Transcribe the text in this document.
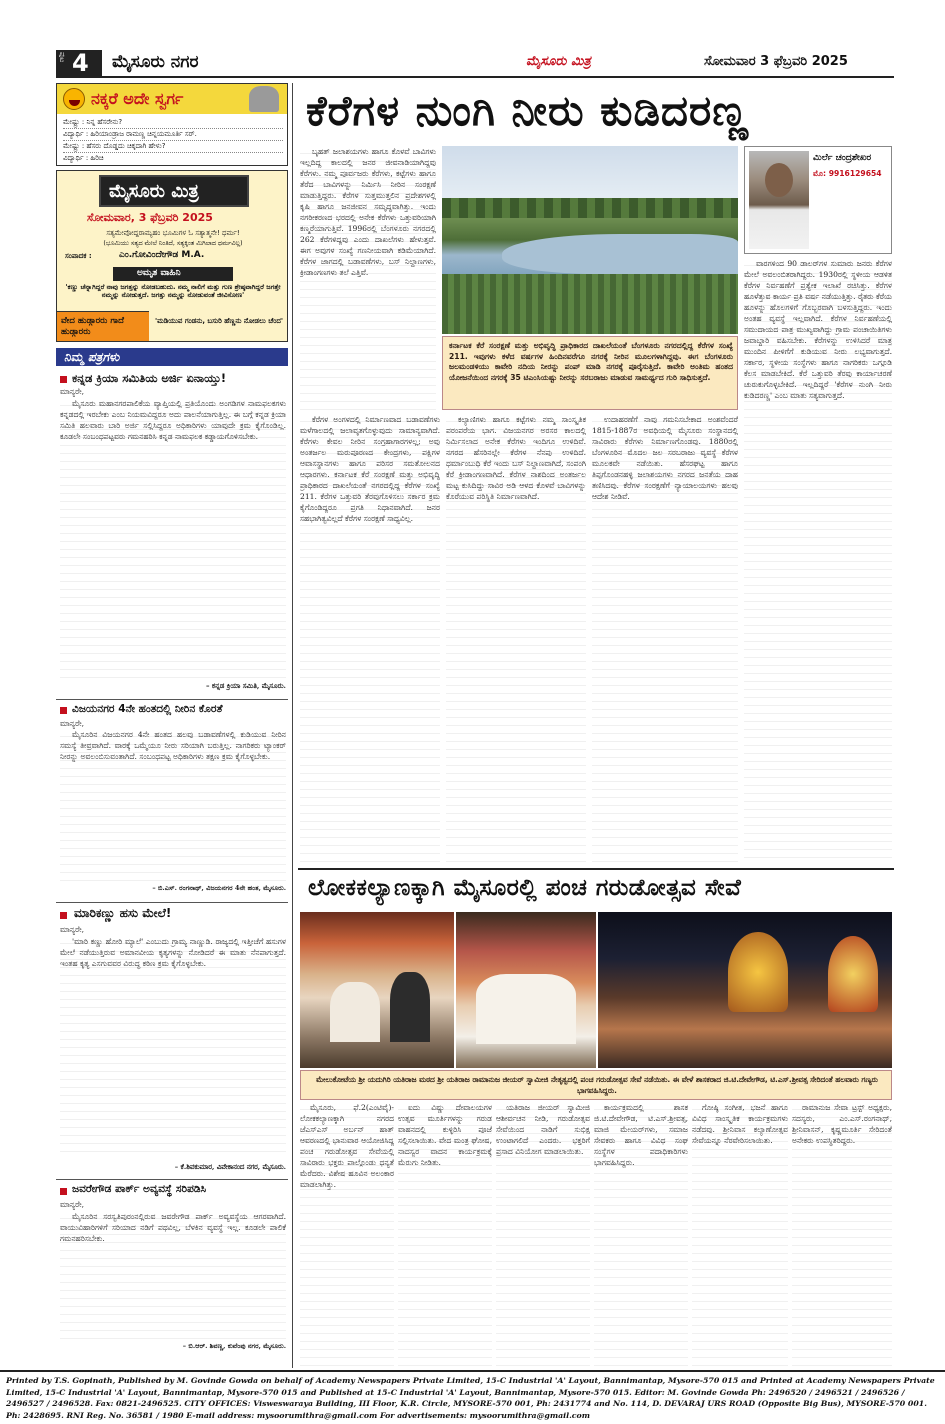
ಪುಟ 4 ಮೈಸೂರು ನಗರ	ಮೈಸೂರು ಮಿತ್ರ	ಸೋಮವಾರ 3 ಫೆಬ್ರವರಿ 2025
ನಕ್ಕರೆ ಅದೇ ಸ್ವರ್ಗ
ಮೇಷ್ಟ್ರು : ನಿನ್ನ ಹೆಸರೇನು?
ವಿದ್ಯಾರ್ಥಿ : ಹಿರಿಯಾಂಡ್ರಾಜ ರಾಮಣ್ಣ ಚಿನ್ನಯಮೂರ್ತಿ ಸರ್.
ಮೇಷ್ಟ್ರು : ಹೆಸರು ದೊಡ್ಡದು ಚಿಕ್ಕದಾಗಿ ಹೇಳು?
ವಿದ್ಯಾರ್ಥಿ : ಹಿರಿಚಿ
ಮೈಸೂರು ಮಿತ್ರ
ಸೋಮವಾರ, 3 ಫೆಬ್ರವರಿ 2025
ಸತ್ಯಮೇವೋದ್ದರಾಮ್ಯಹಂ ಭೂಮಿಗಳ ಓ ಸತ್ಯಾತ್ಮನೇ! ಧರ್ಮ!
(ಭೂಮಿಯು ಸತ್ಯದ ಮೇಲೆ ನಿಂತಿದೆ, ಸತ್ಯಕ್ಕಿಂತ ಮಿಗಿಲಾದ ಧರ್ಮವಿಲ್ಲ)
ಸಂಪಾದಕ :	ಎಂ.ಗೋವಿಂದೇಗೌಡ M.A.
ಅಮೃತ ವಾಹಿನಿ
'ಕಣ್ಣು ಚೆನ್ನಾಗಿದ್ದರೆ ನಾವು ಜಗತ್ತನ್ನು ನೋಡಬಹುದು. ನಮ್ಮ ನಾಲಿಗೆ ಮತ್ತು ಗುಣ ಶ್ರೇಷ್ಠವಾಗಿದ್ದರೆ ಜಗತ್ತೇ ನಮ್ಮನ್ನು ನೋಡುತ್ತದೆ. ಜಗತ್ತು ನಮ್ಮನ್ನು ನೋಡುವಂತೆ ಜೀವಿಸೋಣ'
ವೇದ ಹುಡ್ಗಾರರು ಗಾದೆ ಹುಡ್ಗಾರರು
'ಮಡಿಯುವ ಗಂಡನು, ಬಸುರಿ ಹೆಣ್ಣನು ನೋಡಲು ಚೆಂದ'
ನಿಮ್ಮ ಪತ್ರಗಳು
ಕನ್ನಡ ಕ್ರಿಯಾ ಸಮಿತಿಯ ಅರ್ಜಿ ಏನಾಯ್ತು!
ಮಾನ್ಯರೇ,
ಮೈಸೂರು ಮಹಾನಗರಪಾಲಿಕೆಯ ವ್ಯಾಪ್ತಿಯಲ್ಲಿ ಪ್ರತಿಯೊಂದು ಅಂಗಡಿಗಳ ನಾಮಫಲಕಗಳು ಕನ್ನಡದಲ್ಲಿ ಇರಬೇಕು ಎಂಬ ನಿಯಮವಿದ್ದರೂ ಅದು ಪಾಲನೆಯಾಗುತ್ತಿಲ್ಲ. ಈ ಬಗ್ಗೆ ಕನ್ನಡ ಕ್ರಿಯಾ ಸಮಿತಿ ಹಲವಾರು ಬಾರಿ ಅರ್ಜಿ ಸಲ್ಲಿಸಿದ್ದರೂ ಅಧಿಕಾರಿಗಳು ಯಾವುದೇ ಕ್ರಮ ಕೈಗೊಂಡಿಲ್ಲ. ಕೂಡಲೇ ಸಂಬಂಧಪಟ್ಟವರು ಗಮನಹರಿಸಿ ಕನ್ನಡ ನಾಮಫಲಕ ಕಡ್ಡಾಯಗೊಳಿಸಬೇಕು.
– ಕನ್ನಡ ಕ್ರಿಯಾ ಸಮಿತಿ, ಮೈಸೂರು.
ವಿಜಯನಗರ 4ನೇ ಹಂತದಲ್ಲಿ ನೀರಿನ ಕೊರತೆ
ಮಾನ್ಯರೇ,
ಮೈಸೂರಿನ ವಿಜಯನಗರ 4ನೇ ಹಂತದ ಹಲವು ಬಡಾವಣೆಗಳಲ್ಲಿ ಕುಡಿಯುವ ನೀರಿನ ಸಮಸ್ಯೆ ತೀವ್ರವಾಗಿದೆ. ವಾರಕ್ಕೆ ಒಮ್ಮೆಯೂ ನೀರು ಸರಿಯಾಗಿ ಬರುತ್ತಿಲ್ಲ. ನಾಗರಿಕರು ಟ್ಯಾಂಕರ್ ನೀರನ್ನು ಅವಲಂಬಿಸುವಂತಾಗಿದೆ. ಸಂಬಂಧಪಟ್ಟ ಅಧಿಕಾರಿಗಳು ತಕ್ಷಣ ಕ್ರಮ ಕೈಗೊಳ್ಳಬೇಕು.
– ಬಿ.ಎಸ್. ರಂಗನಾಥ್, ವಿಜಯನಗರ 4ನೇ ಹಂತ, ಮೈಸೂರು.
ಮಾರಿಕಣ್ಣು ಹಸು ಮೇಲೆ!
ಮಾನ್ಯರೇ,
'ಮಾರಿ ಕಣ್ಣು ಹೋರಿ ಮ್ಯಾಲೆ' ಎಂಬುದು ಗ್ರಾಮ್ಯ ನಾಣ್ಣುಡಿ. ರಾಜ್ಯದಲ್ಲಿ ಇತ್ತೀಚೆಗೆ ಹಸುಗಳ ಮೇಲೆ ನಡೆಯುತ್ತಿರುವ ಅಮಾನವೀಯ ಕೃತ್ಯಗಳನ್ನು ನೋಡಿದರೆ ಈ ಮಾತು ನೆನಪಾಗುತ್ತದೆ. ಇಂತಹ ಕೃತ್ಯ ಎಸಗುವವರ ವಿರುದ್ಧ ಕಠಿಣ ಕ್ರಮ ಕೈಗೊಳ್ಳಬೇಕು.
– ಕೆ.ಶಿವಕುಮಾರ, ವಿವೇಕಾನಂದ ನಗರ, ಮೈಸೂರು.
ಜವರೇಗೌಡ ಪಾರ್ಕ್ ಅವ್ಯವಸ್ಥೆ ಸರಿಪಡಿಸಿ
ಮಾನ್ಯರೇ,
ಮೈಸೂರಿನ ಸರಸ್ವತಿಪುರಂನಲ್ಲಿರುವ ಜವರೇಗೌಡ ಪಾರ್ಕ್ ಅವ್ಯವಸ್ಥೆಯ ಆಗರವಾಗಿದೆ. ವಾಯುವಿಹಾರಿಗಳಿಗೆ ಸರಿಯಾದ ನಡಿಗೆ ಪಥವಿಲ್ಲ, ಬೆಳಕಿನ ವ್ಯವಸ್ಥೆ ಇಲ್ಲ. ಕೂಡಲೇ ಪಾಲಿಕೆ ಗಮನಹರಿಸಬೇಕು.
– ಬಿ.ಆರ್. ಶಿವಣ್ಣ, ಕುವೆಂಪು ನಗರ, ಮೈಸೂರು.
ಕೆರೆಗಳ ನುಂಗಿ ನೀರು ಕುಡಿದರಣ್ಣ
ಬೃಹತ್ ಜಲಾಶಯಗಳು ಹಾಗೂ ಕೊಳವೆ ಬಾವಿಗಳು ಇಲ್ಲದಿದ್ದ ಕಾಲದಲ್ಲಿ ಜನರ ಜೀವನಾಡಿಯಾಗಿದ್ದವು ಕೆರೆಗಳು. ನಮ್ಮ ಪೂರ್ವಜರು ಕೆರೆಗಳು, ಕಟ್ಟೆಗಳು ಹಾಗೂ ತೆರೆದ ಬಾವಿಗಳನ್ನು ನಿರ್ಮಿಸಿ ನೀರಿನ ಸಂರಕ್ಷಣೆ ಮಾಡುತ್ತಿದ್ದರು. ಕೆರೆಗಳ ಸುತ್ತಮುತ್ತಲಿನ ಪ್ರದೇಶಗಳಲ್ಲಿ ಕೃಷಿ ಹಾಗೂ ಜನಜೀವನ ಸಮೃದ್ಧವಾಗಿತ್ತು. ಇಂದು ನಗರೀಕರಣದ ಭರದಲ್ಲಿ ಅನೇಕ ಕೆರೆಗಳು ಒತ್ತುವರಿಯಾಗಿ ಕಣ್ಮರೆಯಾಗುತ್ತಿವೆ. 1996ರಲ್ಲಿ ಬೆಂಗಳೂರು ನಗರದಲ್ಲಿ 262 ಕೆರೆಗಳಿದ್ದವು ಎಂದು ದಾಖಲೆಗಳು ಹೇಳುತ್ತವೆ. ಈಗ ಅವುಗಳ ಸಂಖ್ಯೆ ಗಣನೀಯವಾಗಿ ಕಡಿಮೆಯಾಗಿದೆ. ಕೆರೆಗಳ ಜಾಗದಲ್ಲಿ ಬಡಾವಣೆಗಳು, ಬಸ್ ನಿಲ್ದಾಣಗಳು, ಕ್ರೀಡಾಂಗಣಗಳು ತಲೆ ಎತ್ತಿವೆ.
ಮಿರ್ಲೆ ಚಂದ್ರಶೇಖರ
ಮೊ: 9916129654
ವಾರಗಳಿಂದ 90 ಡಾಲರ್‌ಗಳ ಸುಮಾರು ಜನರು ಕೆರೆಗಳ ಮೇಲೆ ಅವಲಂಬಿತರಾಗಿದ್ದರು. 1930ರಲ್ಲಿ ಸ್ಥಳೀಯ ಆಡಳಿತ ಕೆರೆಗಳ ನಿರ್ವಹಣೆಗೆ ಪ್ರತ್ಯೇಕ ಇಲಾಖೆ ರಚಿಸಿತ್ತು. ಕೆರೆಗಳ ಹೂಳೆತ್ತುವ ಕಾರ್ಯ ಪ್ರತಿ ವರ್ಷ ನಡೆಯುತ್ತಿತ್ತು. ರೈತರು ಕೆರೆಯ ಹೂಳನ್ನು ಹೊಲಗಳಿಗೆ ಗೊಬ್ಬರವಾಗಿ ಬಳಸುತ್ತಿದ್ದರು. ಇಂದು ಅಂತಹ ವ್ಯವಸ್ಥೆ ಇಲ್ಲವಾಗಿದೆ. ಕೆರೆಗಳ ನಿರ್ವಹಣೆಯಲ್ಲಿ ಸಮುದಾಯದ ಪಾತ್ರ ಮುಖ್ಯವಾಗಿದ್ದು ಗ್ರಾಮ ಪಂಚಾಯಿತಿಗಳು ಜವಾಬ್ದಾರಿ ವಹಿಸಬೇಕು. ಕೆರೆಗಳನ್ನು ಉಳಿಸಿದರೆ ಮಾತ್ರ ಮುಂದಿನ ಪೀಳಿಗೆಗೆ ಕುಡಿಯುವ ನೀರು ಲಭ್ಯವಾಗುತ್ತದೆ. ಸರ್ಕಾರ, ಸ್ಥಳೀಯ ಸಂಸ್ಥೆಗಳು ಹಾಗೂ ನಾಗರಿಕರು ಒಗ್ಗೂಡಿ ಕೆಲಸ ಮಾಡಬೇಕಿದೆ. ಕೆರೆ ಒತ್ತುವರಿ ತೆರವು ಕಾರ್ಯಾಚರಣೆ ಚುರುಕುಗೊಳ್ಳಬೇಕಿದೆ. ಇಲ್ಲದಿದ್ದರೆ 'ಕೆರೆಗಳ ನುಂಗಿ ನೀರು ಕುಡಿದರಣ್ಣ' ಎಂಬ ಮಾತು ಸತ್ಯವಾಗುತ್ತದೆ.
ಕರ್ನಾಟಕ ಕೆರೆ ಸಂರಕ್ಷಣೆ ಮತ್ತು ಅಭಿವೃದ್ಧಿ ಪ್ರಾಧಿಕಾರದ ದಾಖಲೆಯಂತೆ ಬೆಂಗಳೂರು ನಗರದಲ್ಲಿದ್ದ ಕೆರೆಗಳ ಸಂಖ್ಯೆ 211. ಇವುಗಳು ಕಳೆದ ವರ್ಷಗಳ ಹಿಂದಿನವರೆಗೂ ನಗರಕ್ಕೆ ನೀರಿನ ಮೂಲಗಳಾಗಿದ್ದವು. ಈಗ ಬೆಂಗಳೂರು ಜಲಮಂಡಳಿಯು ಕಾವೇರಿ ನದಿಯ ನೀರನ್ನು ಪಂಪ್ ಮಾಡಿ ನಗರಕ್ಕೆ ಪೂರೈಸುತ್ತಿದೆ. ಕಾವೇರಿ ಅಂತಿಮ ಹಂತದ ಯೋಜನೆಯಿಂದ ನಗರಕ್ಕೆ 35 ಟಿಎಂಸಿಯಷ್ಟು ನೀರನ್ನು ಸರಬರಾಜು ಮಾಡುವ ಸಾಮರ್ಥ್ಯದ ಗುರಿ ಸಾಧಿಸುತ್ತದೆ.
ಕೆರೆಗಳ ಅಂಗಳದಲ್ಲಿ ನಿರ್ಮಾಣವಾದ ಬಡಾವಣೆಗಳು ಮಳೆಗಾಲದಲ್ಲಿ ಜಲಾವೃತಗೊಳ್ಳುವುದು ಸಾಮಾನ್ಯವಾಗಿದೆ. ಕೆರೆಗಳು ಕೇವಲ ನೀರಿನ ಸಂಗ್ರಹಾಗಾರಗಳಲ್ಲ; ಅವು ಅಂತರ್ಜಲ ಮರುಪೂರಣದ ಕೇಂದ್ರಗಳು, ಪಕ್ಷಿಗಳ ಆವಾಸಸ್ಥಾನಗಳು ಹಾಗೂ ಪರಿಸರ ಸಮತೋಲನದ ಆಧಾರಗಳು. ಕರ್ನಾಟಕ ಕೆರೆ ಸಂರಕ್ಷಣೆ ಮತ್ತು ಅಭಿವೃದ್ಧಿ ಪ್ರಾಧಿಕಾರದ ದಾಖಲೆಯಂತೆ ನಗರದಲ್ಲಿದ್ದ ಕೆರೆಗಳ ಸಂಖ್ಯೆ 211. ಕೆರೆಗಳ ಒತ್ತುವರಿ ತೆರವುಗೊಳಿಸಲು ಸರ್ಕಾರ ಕ್ರಮ ಕೈಗೊಂಡಿದ್ದರೂ ಪ್ರಗತಿ ನಿಧಾನವಾಗಿದೆ. ಜನರ ಸಹಭಾಗಿತ್ವವಿಲ್ಲದೆ ಕೆರೆಗಳ ಸಂರಕ್ಷಣೆ ಸಾಧ್ಯವಿಲ್ಲ.
ಕಲ್ಯಾಣಿಗಳು ಹಾಗೂ ಕಟ್ಟೆಗಳು ನಮ್ಮ ಸಾಂಸ್ಕೃತಿಕ ಪರಂಪರೆಯ ಭಾಗ. ವಿಜಯನಗರ ಅರಸರ ಕಾಲದಲ್ಲಿ ನಿರ್ಮಿಸಲಾದ ಅನೇಕ ಕೆರೆಗಳು ಇಂದಿಗೂ ಉಳಿದಿವೆ. ನಗರದ ಹೆಸರಿನಲ್ಲೇ ಕೆರೆಗಳ ನೆನಪು ಉಳಿದಿದೆ. ಧರ್ಮಾಂಬುಧಿ ಕೆರೆ ಇಂದು ಬಸ್ ನಿಲ್ದಾಣವಾಗಿದೆ, ಸಂಪಂಗಿ ಕೆರೆ ಕ್ರೀಡಾಂಗಣವಾಗಿದೆ. ಕೆರೆಗಳ ನಾಶದಿಂದ ಅಂತರ್ಜಲ ಮಟ್ಟ ಕುಸಿದಿದ್ದು ಸಾವಿರ ಅಡಿ ಆಳದ ಕೊಳವೆ ಬಾವಿಗಳನ್ನು ಕೊರೆಯುವ ಪರಿಸ್ಥಿತಿ ನಿರ್ಮಾಣವಾಗಿದೆ.
ಉದಾಹರಣೆಗೆ ನಾವು ಗಮನಿಸಬೇಕಾದ ಅಂಶವೆಂದರೆ 1815-1887ರ ಅವಧಿಯಲ್ಲಿ ಮೈಸೂರು ಸಂಸ್ಥಾನದಲ್ಲಿ ಸಾವಿರಾರು ಕೆರೆಗಳು ನಿರ್ಮಾಣಗೊಂಡವು. 1880ರಲ್ಲಿ ಬೆಂಗಳೂರಿನ ಮೊದಲ ಜಲ ಸರಬರಾಜು ವ್ಯವಸ್ಥೆ ಕೆರೆಗಳ ಮೂಲಕವೇ ನಡೆಯಿತು. ಹೆಸರಘಟ್ಟ ಹಾಗೂ ತಿಪ್ಪಗೊಂಡನಹಳ್ಳಿ ಜಲಾಶಯಗಳು ನಗರದ ಜನತೆಯ ದಾಹ ತಣಿಸಿದವು. ಕೆರೆಗಳ ಸಂರಕ್ಷಣೆಗೆ ನ್ಯಾಯಾಲಯಗಳು ಹಲವು ಆದೇಶ ನೀಡಿವೆ.
ಲೋಕಕಲ್ಯಾಣಕ್ಕಾಗಿ ಮೈಸೂರಲ್ಲಿ ಪಂಚ ಗರುಡೋತ್ಸವ ಸೇವೆ
ಮೇಲುಕೋಟೆಯ ಶ್ರೀ ಯದುಗಿರಿ ಯತಿರಾಜ ಮಠದ ಶ್ರೀ ಯತಿರಾಜ ರಾಮಾನುಜ ಜೀಯರ್ ಸ್ವಾಮೀಜಿ ನೇತೃತ್ವದಲ್ಲಿ ಪಂಚ ಗರುಡೋತ್ಸವ ಸೇವೆ ನಡೆಯಿತು. ಈ ವೇಳೆ ಶಾಸಕರಾದ ಜಿ.ಟಿ.ದೇವೇಗೌಡ, ಟಿ.ಎಸ್.ಶ್ರೀವತ್ಸ ಸೇರಿದಂತೆ ಹಲವಾರು ಗಣ್ಯರು ಭಾಗವಹಿಸಿದ್ದರು.
ಮೈಸೂರು, ಫೆ.2(ಎಂಟಿವೈ)- ಲೋಕಕಲ್ಯಾಣಕ್ಕಾಗಿ ನಗರದ ಜೆಎಸ್‌ಎಸ್ ಅರ್ಬನ್ ಹಾತ್ ಆವರಣದಲ್ಲಿ ಭಾನುವಾರ ಆಯೋಜಿಸಿದ್ದ ಪಂಚ ಗರುಡೋತ್ಸವ ಸೇವೆಯಲ್ಲಿ ಸಾವಿರಾರು ಭಕ್ತರು ಪಾಲ್ಗೊಂಡು ಧನ್ಯತೆ ಮೆರೆದರು. ವಿಶೇಷ ಹೂವಿನ ಅಲಂಕಾರ ಮಾಡಲಾಗಿತ್ತು.
ಐದು ವಿಷ್ಣು ದೇವಾಲಯಗಳ ಉತ್ಸವ ಮೂರ್ತಿಗಳನ್ನು ಗರುಡ ವಾಹನದಲ್ಲಿ ಕುಳ್ಳಿರಿಸಿ ಪೂಜೆ ಸಲ್ಲಿಸಲಾಯಿತು. ವೇದ ಮಂತ್ರ ಘೋಷ, ನಾದಸ್ವರ ವಾದನ ಕಾರ್ಯಕ್ರಮಕ್ಕೆ ಮೆರುಗು ನೀಡಿತು.
ಯತಿರಾಜ ಜೀಯರ್ ಸ್ವಾಮೀಜಿ ಆಶೀರ್ವಚನ ನೀಡಿ, ಗರುಡೋತ್ಸವ ಸೇವೆಯಿಂದ ನಾಡಿಗೆ ಸುಭಿಕ್ಷ ಉಂಟಾಗಲಿದೆ ಎಂದರು. ಭಕ್ತರಿಗೆ ಪ್ರಸಾದ ವಿನಿಯೋಗ ಮಾಡಲಾಯಿತು.
ಕಾರ್ಯಕ್ರಮದಲ್ಲಿ ಶಾಸಕ ಜಿ.ಟಿ.ದೇವೇಗೌಡ, ಟಿ.ಎಸ್.ಶ್ರೀವತ್ಸ, ಮಾಜಿ ಮೇಯರ್‌ಗಳು, ಸಮಾಜ ಸೇವಕರು ಹಾಗೂ ವಿವಿಧ ಸಂಘ ಸಂಸ್ಥೆಗಳ ಪದಾಧಿಕಾರಿಗಳು ಭಾಗವಹಿಸಿದ್ದರು.
ಗೋಷ್ಠಿ ಸಂಗೀತ, ಭಜನೆ ಹಾಗೂ ವಿವಿಧ ಸಾಂಸ್ಕೃತಿಕ ಕಾರ್ಯಕ್ರಮಗಳು ನಡೆದವು. ಶ್ರೀನಿವಾಸ ಕಲ್ಯಾಣೋತ್ಸವ ಸೇವೆಯನ್ನೂ ನೆರವೇರಿಸಲಾಯಿತು.
ರಾಮಾನುಜ ಸೇವಾ ಟ್ರಸ್ಟ್ ಅಧ್ಯಕ್ಷರು, ಸದಸ್ಯರು, ಎಂ.ಎಸ್.ರಂಗನಾಥ್, ಶ್ರೀನಿವಾಸನ್, ಕೃಷ್ಣಮೂರ್ತಿ ಸೇರಿದಂತೆ ಅನೇಕರು ಉಪಸ್ಥಿತರಿದ್ದರು.
Printed by T.S. Gopinath, Published by M. Govinde Gowda on behalf of Academy Newspapers Private Limited, 15-C Industrial 'A' Layout, Bannimantap, Mysore-570 015 and Printed at Academy Newspapers Private Limited, 15-C Industrial 'A' Layout, Bannimantap, Mysore-570 015 and Published at 15-C Industrial 'A' Layout, Bannimantap, Mysore-570 015. Editor: M. Govinde Gowda Ph: 2496520 / 2496521 / 2496526 / 2496527 / 2496528. Fax: 0821-2496525. CITY OFFICES: Visweswaraya Building, III Floor, K.R. Circle, MYSORE-570 001, Ph: 2431774 and No. 114, D. DEVARAJ URS ROAD (Opposite Big Bus), MYSORE-570 001. Ph: 2428695. RNI Reg. No. 36581 / 1980 E-mail address: mysoorumithra@gmail.com For advertisements: mysoorumithra@gmail.com
